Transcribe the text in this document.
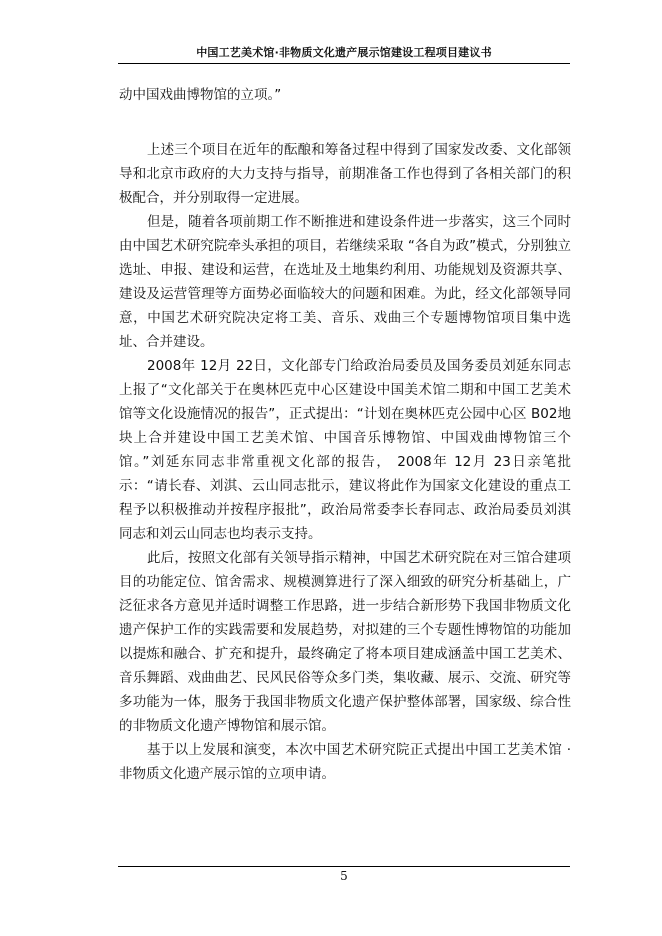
中国工艺美术馆·非物质文化遗产展示馆建设工程项目建议书

动中国戏曲博物馆的立项。”

上述三个项目在近年的酝酿和筹备过程中得到了国家发改委、文化部领导和北京市政府的大力支持与指导，前期准备工作也得到了各相关部门的积极配合，并分别取得一定进展。

但是，随着各项前期工作不断推进和建设条件进一步落实，这三个同时由中国艺术研究院牵头承担的项目，若继续采取 “各自为政”模式，分别独立选址、申报、建设和运营，在选址及土地集约利用、功能规划及资源共享、建设及运营管理等方面势必面临较大的问题和困难。为此，经文化部领导同意，中国艺术研究院决定将工美、音乐、戏曲三个专题博物馆项目集中选址、合并建设。

2008年 12月 22日，文化部专门给政治局委员及国务委员刘延东同志上报了“文化部关于在奥林匹克中心区建设中国美术馆二期和中国工艺美术馆等文化设施情况的报告”，正式提出：“计划在奥林匹克公园中心区 B02地块上合并建设中国工艺美术馆、中国音乐博物馆、中国戏曲博物馆三个馆。”刘延东同志非常重视文化部的报告， 2008年 12月 23日亲笔批示：“请长春、刘淇、云山同志批示，建议将此作为国家文化建设的重点工程予以积极推动并按程序报批”，政治局常委李长春同志、政治局委员刘淇同志和刘云山同志也均表示支持。

此后，按照文化部有关领导指示精神，中国艺术研究院在对三馆合建项目的功能定位、馆舍需求、规模测算进行了深入细致的研究分析基础上，广泛征求各方意见并适时调整工作思路，进一步结合新形势下我国非物质文化遗产保护工作的实践需要和发展趋势，对拟建的三个专题性博物馆的功能加以提炼和融合、扩充和提升，最终确定了将本项目建成涵盖中国工艺美术、音乐舞蹈、戏曲曲艺、民风民俗等众多门类，集收藏、展示、交流、研究等多功能为一体，服务于我国非物质文化遗产保护整体部署，国家级、综合性的非物质文化遗产博物馆和展示馆。

基于以上发展和演变，本次中国艺术研究院正式提出中国工艺美术馆 ·非物质文化遗产展示馆的立项申请。

5
